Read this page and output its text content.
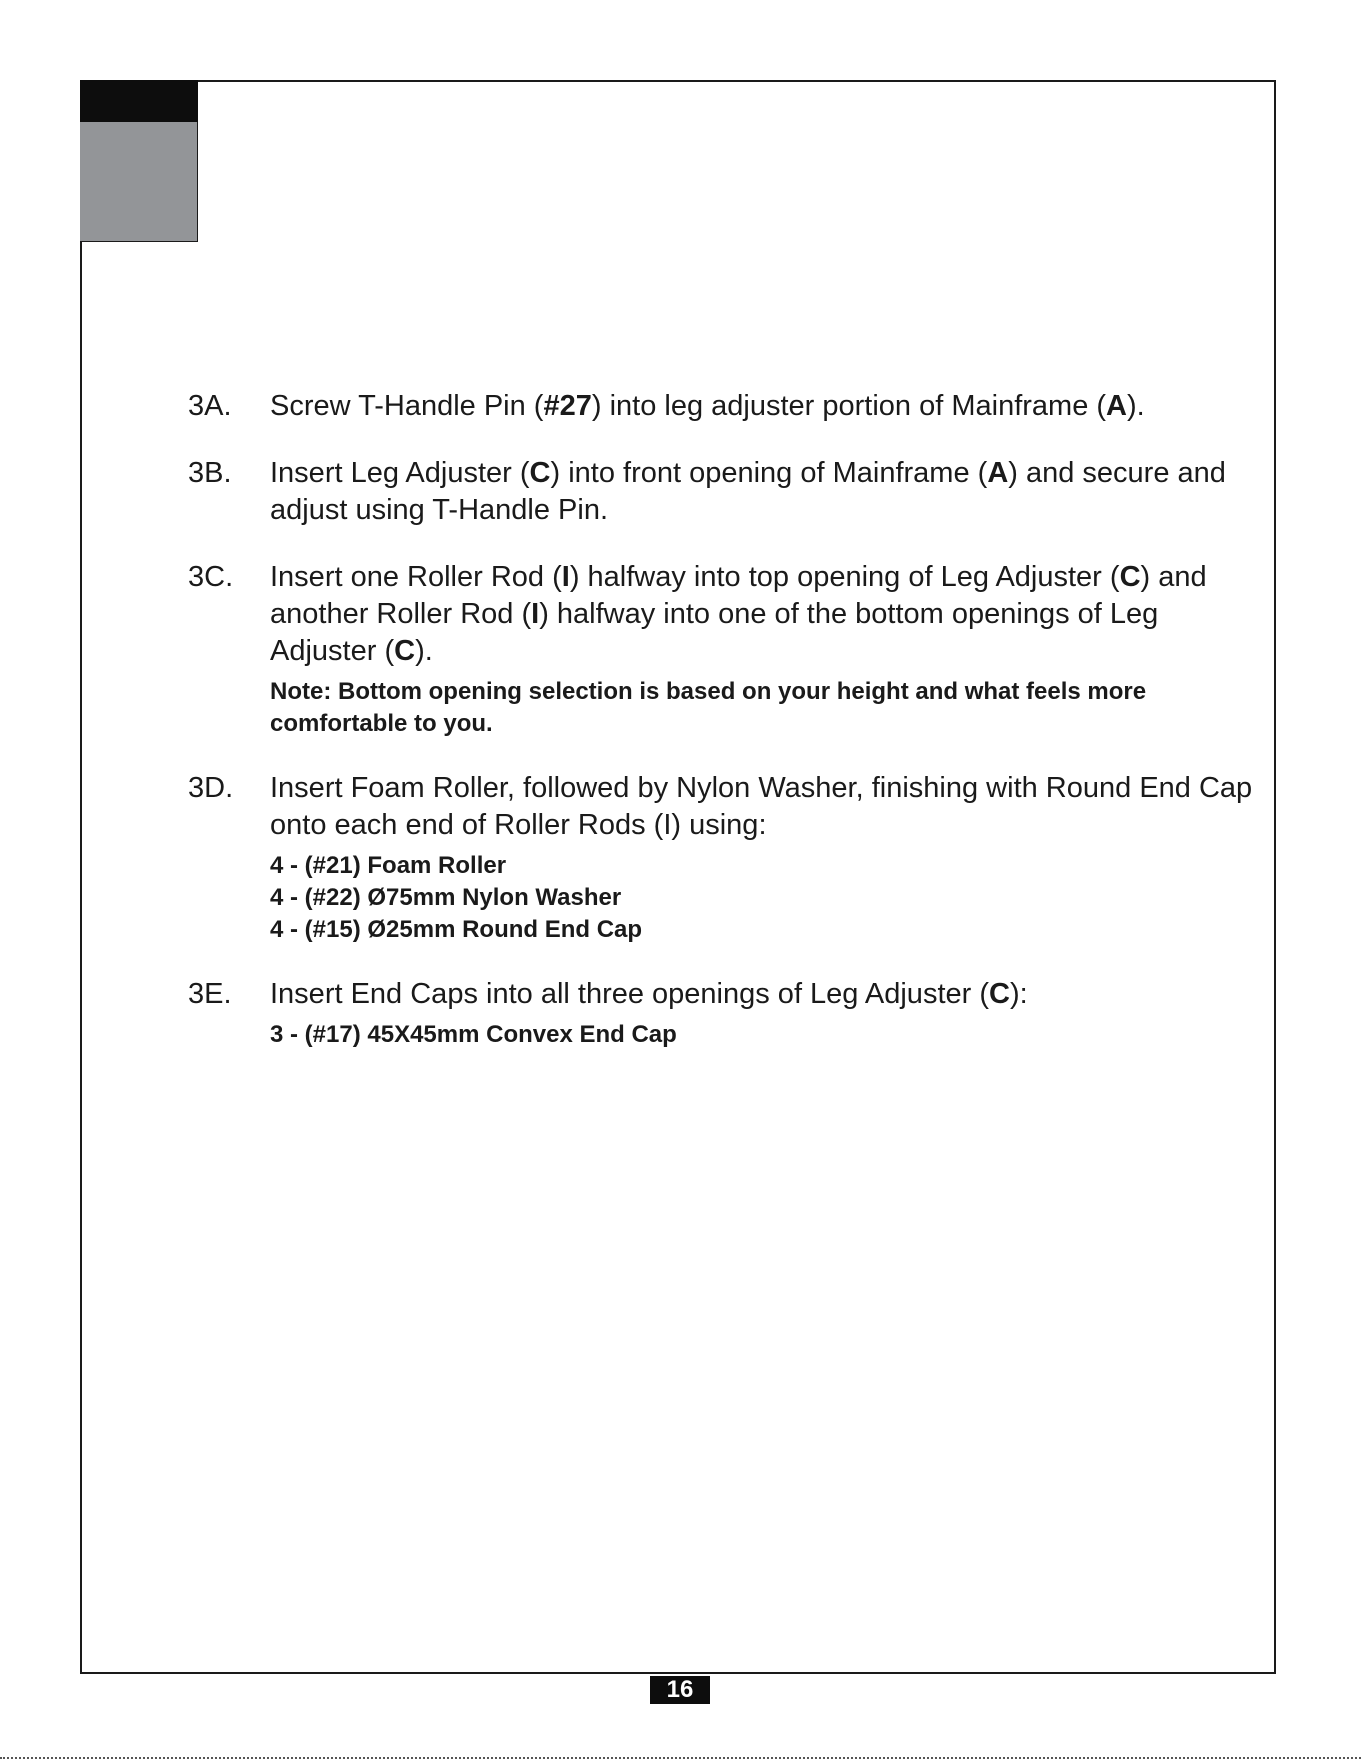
3A.	Screw T-Handle Pin (#27) into leg adjuster portion of Mainframe (A).
3B.	Insert Leg Adjuster (C) into front opening of Mainframe (A) and secure and adjust using T-Handle Pin.
3C.	Insert one Roller Rod (I) halfway into top opening of Leg Adjuster (C) and another Roller Rod (I) halfway into one of the bottom openings of Leg Adjuster (C).
Note: Bottom opening selection is based on your height and what feels more comfortable to you.
3D.	Insert Foam Roller, followed by Nylon Washer, finishing with Round End Cap onto each end of Roller Rods (I) using:
4 - (#21) Foam Roller
4 - (#22) Ø75mm Nylon Washer
4 - (#15) Ø25mm Round End Cap
3E.	Insert End Caps into all three openings of Leg Adjuster (C):
3 - (#17) 45X45mm Convex End Cap
16
